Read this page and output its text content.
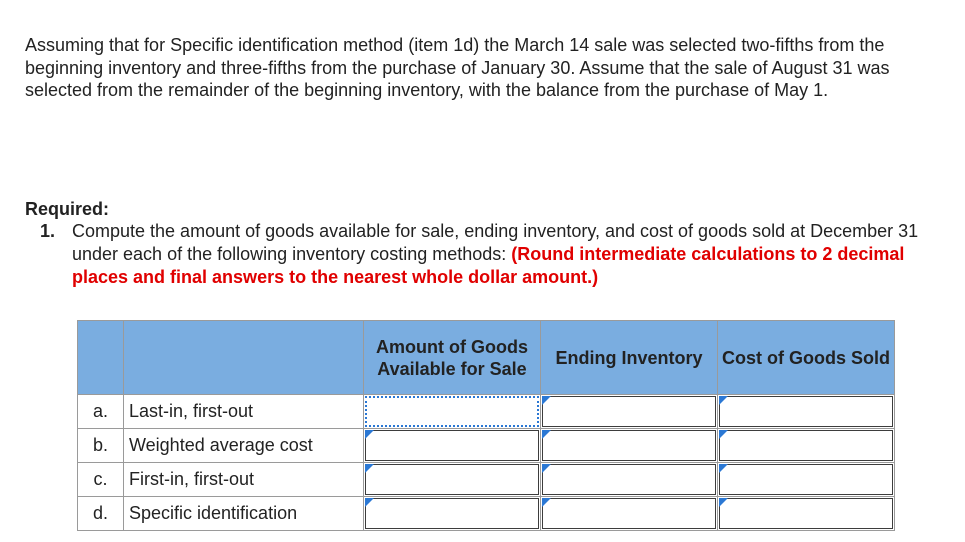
Assuming that for Specific identification method (item 1d) the March 14 sale was selected two-fifths from the beginning inventory and three-fifths from the purchase of January 30. Assume that the sale of August 31 was selected from the remainder of the beginning inventory, with the balance from the purchase of May 1.

Required:

1. Compute the amount of goods available for sale, ending inventory, and cost of goods sold at December 31 under each of the following inventory costing methods: (Round intermediate calculations to 2 decimal places and final answers to the nearest whole dollar amount.)
		Amount of Goods Available for Sale	Ending Inventory	Cost of Goods Sold
a.	Last-in, first-out	

b.	Weighted average cost	

c.	First-in, first-out	

d.	Specific identification	
